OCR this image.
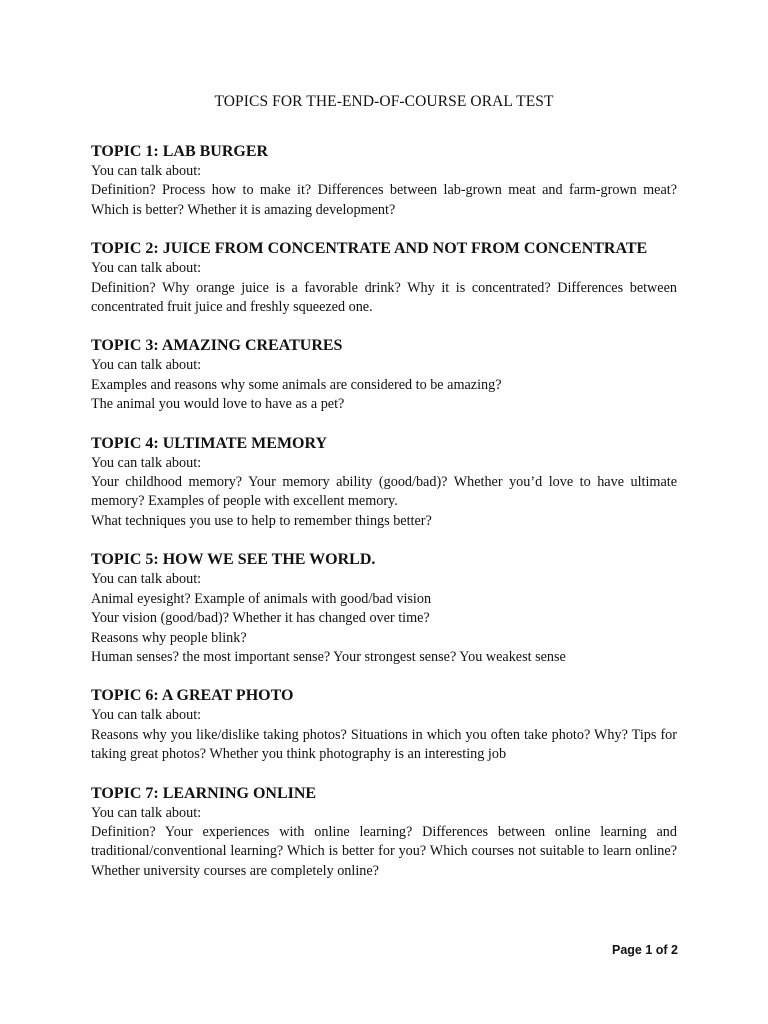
TOPICS FOR THE-END-OF-COURSE ORAL TEST

TOPIC 1: LAB BURGER

You can talk about:

Definition? Process how to make it? Differences between lab-grown meat and farm-grown meat? Which is better? Whether it is amazing development?

TOPIC 2: JUICE FROM CONCENTRATE AND NOT FROM CONCENTRATE

You can talk about:

Definition? Why orange juice is a favorable drink? Why it is concentrated? Differences between concentrated fruit juice and freshly squeezed one.

TOPIC 3: AMAZING CREATURES

You can talk about:

Examples and reasons why some animals are considered to be amazing?

The animal you would love to have as a pet?

TOPIC 4: ULTIMATE MEMORY

You can talk about:

Your childhood memory? Your memory ability (good/bad)? Whether you’d love to have ultimate memory? Examples of people with excellent memory.

What techniques you use to help to remember things better?

TOPIC 5: HOW WE SEE THE WORLD.

You can talk about:

Animal eyesight? Example of animals with good/bad vision

Your vision (good/bad)? Whether it has changed over time?

Reasons why people blink?

Human senses? the most important sense? Your strongest sense? You weakest sense

TOPIC 6: A GREAT PHOTO

You can talk about:

Reasons why you like/dislike taking photos? Situations in which you often take photo? Why? Tips for taking great photos? Whether you think photography is an interesting job

TOPIC 7: LEARNING ONLINE

You can talk about:

Definition? Your experiences with online learning? Differences between online learning and traditional/conventional learning? Which is better for you? Which courses not suitable to learn online? Whether university courses are completely online?

Page 1 of 2
